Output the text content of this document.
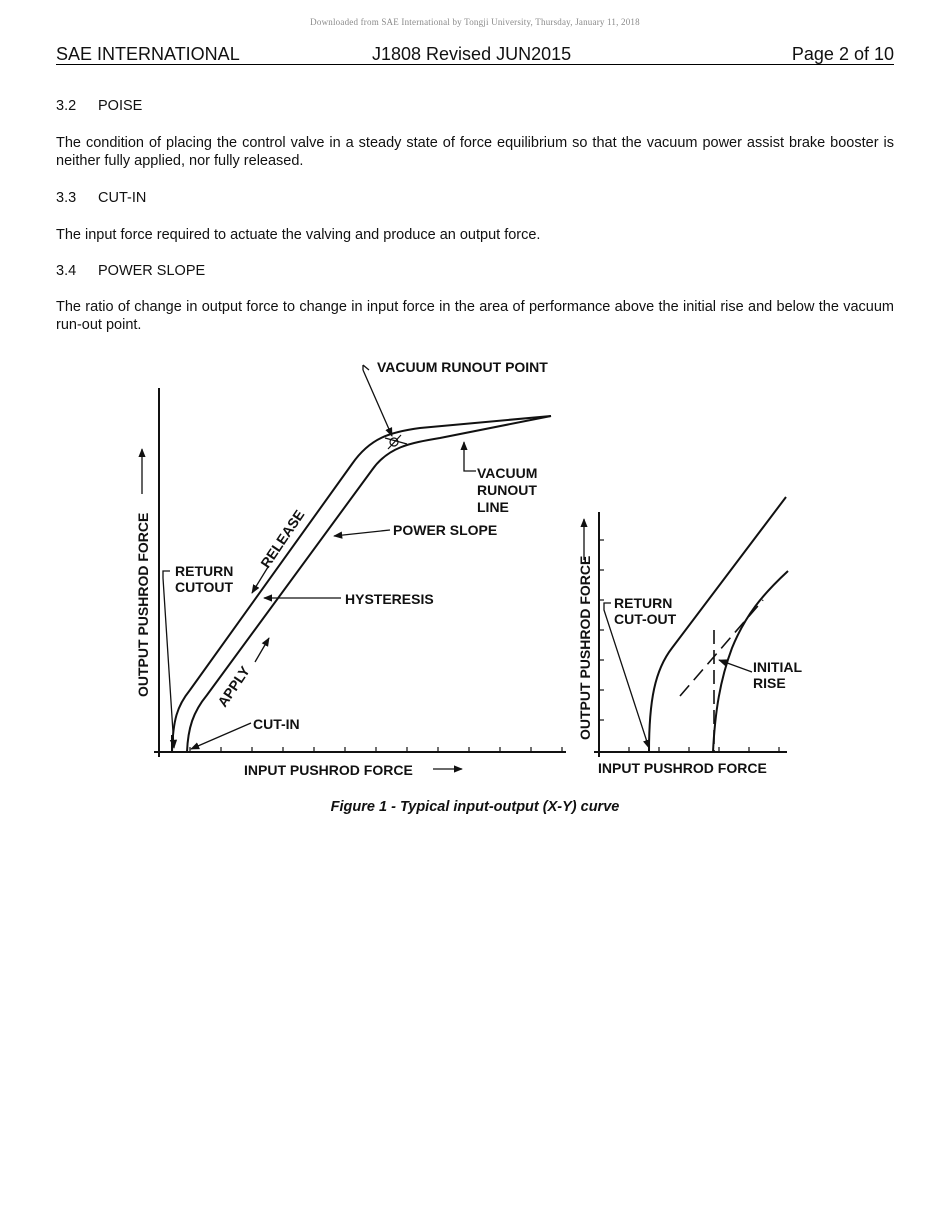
Downloaded from SAE International by Tongji University, Thursday, January 11, 2018
SAE INTERNATIONAL	J1808 Revised JUN2015	Page 2 of 10
3.2 POISE
The condition of placing the control valve in a steady state of force equilibrium so that the vacuum power assist brake booster is neither fully applied, nor fully released.
3.3 CUT-IN
The input force required to actuate the valving and produce an output force.
3.4 POWER SLOPE
The ratio of change in output force to change in input force in the area of performance above the initial rise and below the vacuum run-out point.
VACUUM RUNOUT POINT
VACUUM
RUNOUT
LINE
POWER SLOPE
RETURN
CUTOUT
HYSTERESIS
RELEASE
APPLY
CUT-IN
OUTPUT PUSHROD FORCE
INPUT PUSHROD FORCE
RETURN
CUT-OUT
INITIAL
RISE
OUTPUT PUSHROD FORCE
INPUT PUSHROD FORCE
Figure 1 - Typical input-output (X-Y) curve
